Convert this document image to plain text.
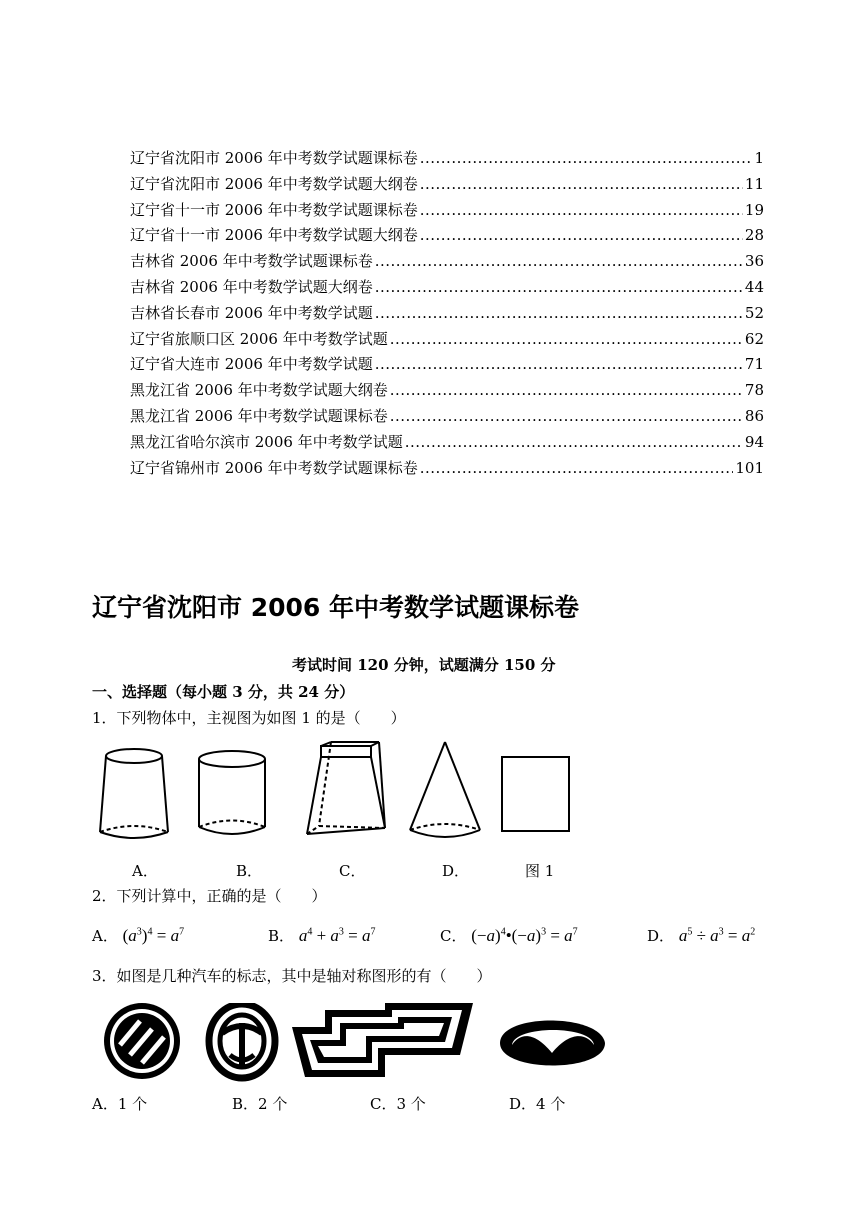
辽宁省沈阳市 2006 年中考数学试题课标卷 .....	1
辽宁省沈阳市 2006 年中考数学试题大纲卷 .....	11
辽宁省十一市 2006 年中考数学试题课标卷 .....	19
辽宁省十一市 2006 年中考数学试题大纲卷 .....	28
吉林省 2006 年中考数学试题课标卷 .....	36
吉林省 2006 年中考数学试题大纲卷 .....	44
吉林省长春市 2006 年中考数学试题 .....	52
辽宁省旅顺口区 2006 年中考数学试题 .....	62
辽宁省大连市 2006 年中考数学试题 .....	71
黑龙江省 2006 年中考数学试题大纲卷 .....	78
黑龙江省 2006 年中考数学试题课标卷 .....	86
黑龙江省哈尔滨市 2006 年中考数学试题 .....	94
辽宁省锦州市 2006 年中考数学试题课标卷 .....	101
辽宁省沈阳市 2006 年中考数学试题课标卷
考试时间 120 分钟，试题满分 150 分
一、选择题（每小题 3 分，共 24 分）
1．下列物体中，主视图为如图 1 的是（　　）
A．	B．	C．	D．	图 1
2．下列计算中，正确的是（　　）
A． $(a^3)^4 = a^7$	B． $a^4 + a^3 = a^7$	C． $(-a)^4•(-a)^3 = a^7$	D． $a^5 \div a^3 = a^2$
3．如图是几种汽车的标志，其中是轴对称图形的有（　　）
A．1 个	B．2 个	C．3 个	D．4 个
